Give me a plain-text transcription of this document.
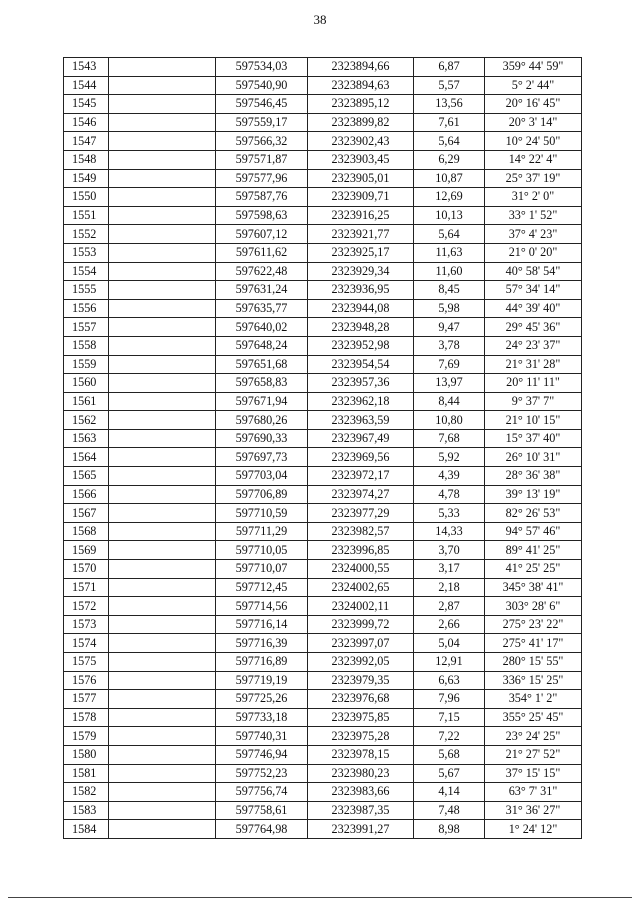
38
1543		597534,03	2323894,66	6,87	359° 44' 59"
1544		597540,90	2323894,63	5,57	5° 2' 44"
1545		597546,45	2323895,12	13,56	20° 16' 45"
1546		597559,17	2323899,82	7,61	20° 3' 14"
1547		597566,32	2323902,43	5,64	10° 24' 50"
1548		597571,87	2323903,45	6,29	14° 22' 4"
1549		597577,96	2323905,01	10,87	25° 37' 19"
1550		597587,76	2323909,71	12,69	31° 2' 0"
1551		597598,63	2323916,25	10,13	33° 1' 52"
1552		597607,12	2323921,77	5,64	37° 4' 23"
1553		597611,62	2323925,17	11,63	21° 0' 20"
1554		597622,48	2323929,34	11,60	40° 58' 54"
1555		597631,24	2323936,95	8,45	57° 34' 14"
1556		597635,77	2323944,08	5,98	44° 39' 40"
1557		597640,02	2323948,28	9,47	29° 45' 36"
1558		597648,24	2323952,98	3,78	24° 23' 37"
1559		597651,68	2323954,54	7,69	21° 31' 28"
1560		597658,83	2323957,36	13,97	20° 11' 11"
1561		597671,94	2323962,18	8,44	9° 37' 7"
1562		597680,26	2323963,59	10,80	21° 10' 15"
1563		597690,33	2323967,49	7,68	15° 37' 40"
1564		597697,73	2323969,56	5,92	26° 10' 31"
1565		597703,04	2323972,17	4,39	28° 36' 38"
1566		597706,89	2323974,27	4,78	39° 13' 19"
1567		597710,59	2323977,29	5,33	82° 26' 53"
1568		597711,29	2323982,57	14,33	94° 57' 46"
1569		597710,05	2323996,85	3,70	89° 41' 25"
1570		597710,07	2324000,55	3,17	41° 25' 25"
1571		597712,45	2324002,65	2,18	345° 38' 41"
1572		597714,56	2324002,11	2,87	303° 28' 6"
1573		597716,14	2323999,72	2,66	275° 23' 22"
1574		597716,39	2323997,07	5,04	275° 41' 17"
1575		597716,89	2323992,05	12,91	280° 15' 55"
1576		597719,19	2323979,35	6,63	336° 15' 25"
1577		597725,26	2323976,68	7,96	354° 1' 2"
1578		597733,18	2323975,85	7,15	355° 25' 45"
1579		597740,31	2323975,28	7,22	23° 24' 25"
1580		597746,94	2323978,15	5,68	21° 27' 52"
1581		597752,23	2323980,23	5,67	37° 15' 15"
1582		597756,74	2323983,66	4,14	63° 7' 31"
1583		597758,61	2323987,35	7,48	31° 36' 27"
1584		597764,98	2323991,27	8,98	1° 24' 12"
